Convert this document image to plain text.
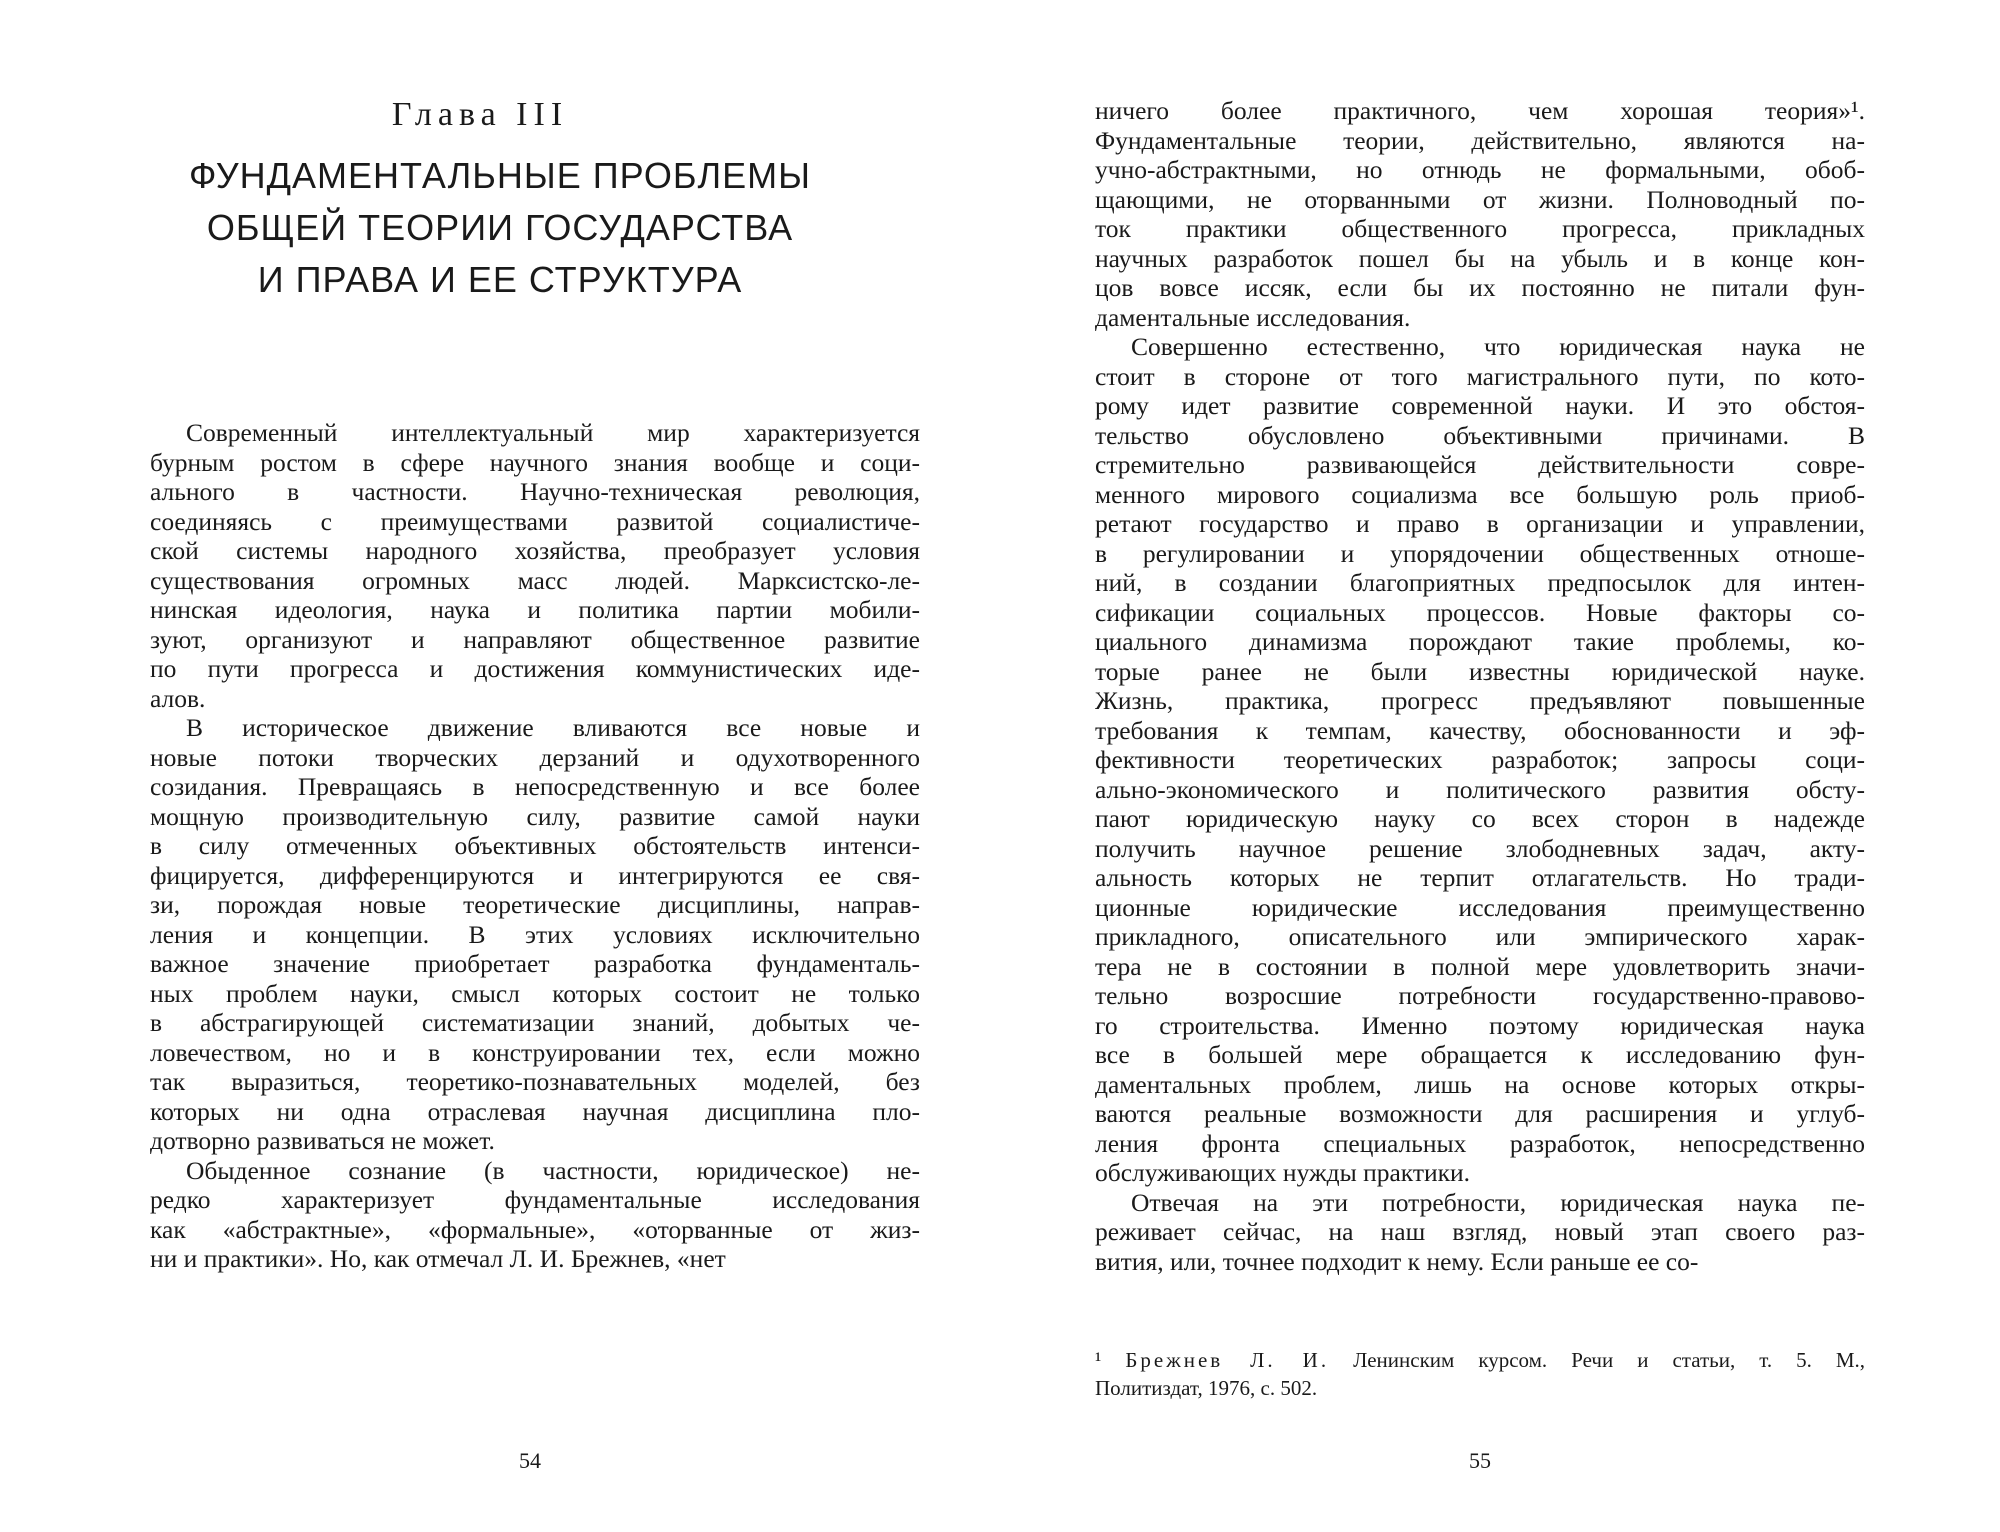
Глава III
ФУНДАМЕНТАЛЬНЫЕ ПРОБЛЕМЫ
ОБЩЕЙ ТЕОРИИ ГОСУДАРСТВА
И ПРАВА И ЕЕ СТРУКТУРА
Современный интеллектуальный мир характеризуется
бурным ростом в сфере научного знания вообще и соци-
ального в частности. Научно-техническая революция,
соединяясь с преимуществами развитой социалистиче-
ской системы народного хозяйства, преобразует условия
существования огромных масс людей. Марксистско-ле-
нинская идеология, наука и политика партии мобили-
зуют, организуют и направляют общественное развитие
по пути прогресса и достижения коммунистических иде-
алов.
В историческое движение вливаются все новые и
новые потоки творческих дерзаний и одухотворенного
созидания. Превращаясь в непосредственную и все более
мощную производительную силу, развитие самой науки
в силу отмеченных объективных обстоятельств интенси-
фицируется, дифференцируются и интегрируются ее свя-
зи, порождая новые теоретические дисциплины, направ-
ления и концепции. В этих условиях исключительно
важное значение приобретает разработка фундаменталь-
ных проблем науки, смысл которых состоит не только
в абстрагирующей систематизации знаний, добытых че-
ловечеством, но и в конструировании тех, если можно
так выразиться, теоретико-познавательных моделей, без
которых ни одна отраслевая научная дисциплина пло-
дотворно развиваться не может.
Обыденное сознание (в частности, юридическое) не-
редко характеризует фундаментальные исследования
как «абстрактные», «формальные», «оторванные от жиз-
ни и практики». Но, как отмечал Л. И. Брежнев, «нет
54
ничего более практичного, чем хорошая теория»¹.
Фундаментальные теории, действительно, являются на-
учно-абстрактными, но отнюдь не формальными, обоб-
щающими, не оторванными от жизни. Полноводный по-
ток практики общественного прогресса, прикладных
научных разработок пошел бы на убыль и в конце кон-
цов вовсе иссяк, если бы их постоянно не питали фун-
даментальные исследования.
Совершенно естественно, что юридическая наука не
стоит в стороне от того магистрального пути, по кото-
рому идет развитие современной науки. И это обстоя-
тельство обусловлено объективными причинами. В
стремительно развивающейся действительности совре-
менного мирового социализма все большую роль приоб-
ретают государство и право в организации и управлении,
в регулировании и упорядочении общественных отноше-
ний, в создании благоприятных предпосылок для интен-
сификации социальных процессов. Новые факторы со-
циального динамизма порождают такие проблемы, ко-
торые ранее не были известны юридической науке.
Жизнь, практика, прогресс предъявляют повышенные
требования к темпам, качеству, обоснованности и эф-
фективности теоретических разработок; запросы соци-
ально-экономического и политического развития обсту-
пают юридическую науку со всех сторон в надежде
получить научное решение злободневных задач, акту-
альность которых не терпит отлагательств. Но тради-
ционные юридические исследования преимущественно
прикладного, описательного или эмпирического харак-
тера не в состоянии в полной мере удовлетворить значи-
тельно возросшие потребности государственно-правово-
го строительства. Именно поэтому юридическая наука
все в большей мере обращается к исследованию фун-
даментальных проблем, лишь на основе которых откры-
ваются реальные возможности для расширения и углуб-
ления фронта специальных разработок, непосредственно
обслуживающих нужды практики.
Отвечая на эти потребности, юридическая наука пе-
реживает сейчас, на наш взгляд, новый этап своего раз-
вития, или, точнее подходит к нему. Если раньше ее со-
¹ Брежнев Л. И. Ленинским курсом. Речи и статьи, т. 5. М.,
Политиздат, 1976, с. 502.
55
